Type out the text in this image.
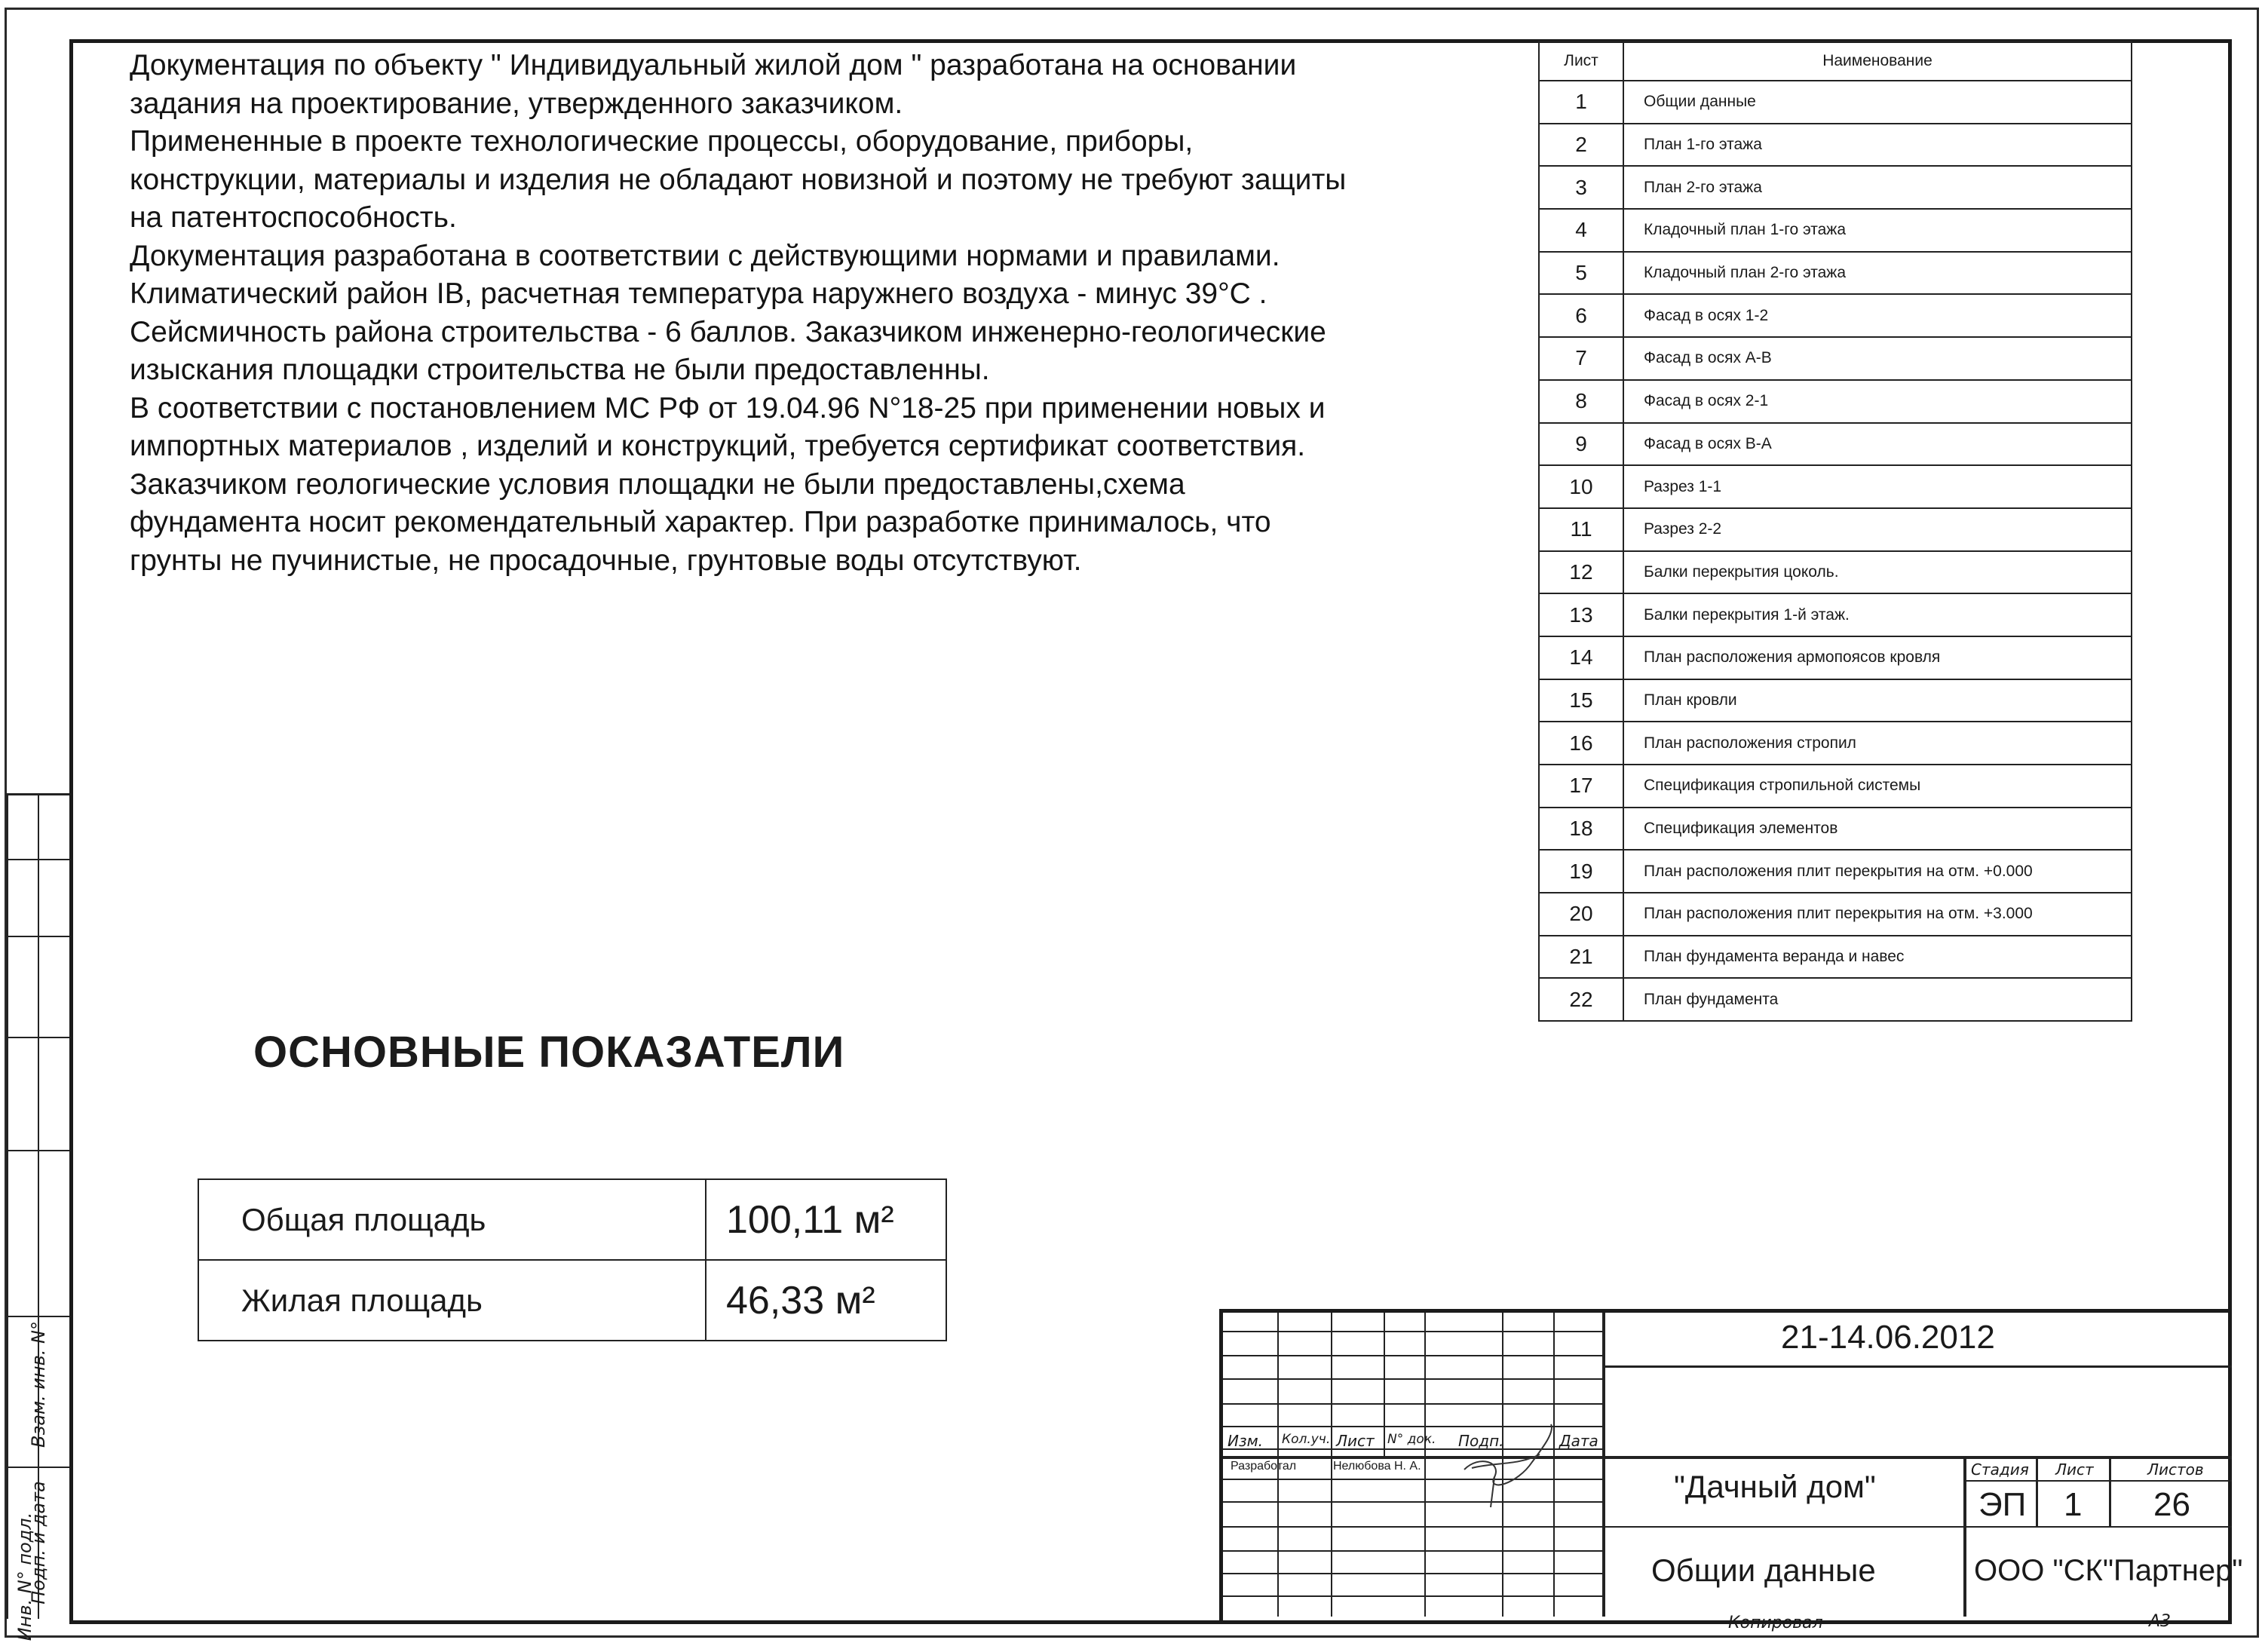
Документация по объекту " Индивидуальный жилой дом " разработана на основании задания на проектирование, утвержденного заказчиком.

Примененные в проекте технологические процессы, оборудование, приборы, конструкции, материалы и изделия не обладают новизной и поэтому не требуют защиты на патентоспособность.

Документация разработана в соответствии с действующими нормами и правилами.

Климатический район IВ, расчетная температура наружнего воздуха - минус 39°С .

Сейсмичность района строительства - 6 баллов. Заказчиком инженерно-геологические изыскания площадки строительства не были предоставленны.

В соответствии с постановлением МС РФ от 19.04.96 N°18-25 при применении новых и импортных материалов , изделий и конструкций, требуется сертификат соответствия.

Заказчиком геологические условия площадки не были предоставлены,схема фундамента носит рекомендательный характер. При разработке принималось, что грунты не пучинистые, не просадочные, грунтовые воды отсутствуют.

Лист	Наименование
1	Общии данные
2	План 1-го этажа
3	План 2-го этажа
4	Кладочный план 1-го этажа
5	Кладочный план 2-го этажа
6	Фасад в осях 1-2
7	Фасад в осях А-В
8	Фасад в осях 2-1
9	Фасад в осях В-А
10	Разрез 1-1
11	Разрез 2-2
12	Балки перекрытия цоколь.
13	Балки перекрытия 1-й этаж.
14	План расположения армопоясов кровля
15	План кровли
16	План расположения стропил
17	Спецификация стропильной системы
18	Спецификация элементов
19	План расположения плит перекрытия на отм. +0.000
20	План расположения плит перекрытия на отм. +3.000
21	План фундамента веранда и навес
22	План фундамента
ОСНОВНЫЕ ПОКАЗАТЕЛИ
Общая площадь	100,11 м²
Жилая площадь	46,33 м²
Взам. инв. N°
Подп. и дата
Инв. N° подл.
Изм. Кол.уч. Лист N° док. Подп.	Дата
Разработал	Нелюбова Н. А.
21-14.06.2012
"Дачный дом"
Общии данные
Стадия Лист	Листов
ЭП 1 26
ООО "СК"Партнер"
Копировал	А3
